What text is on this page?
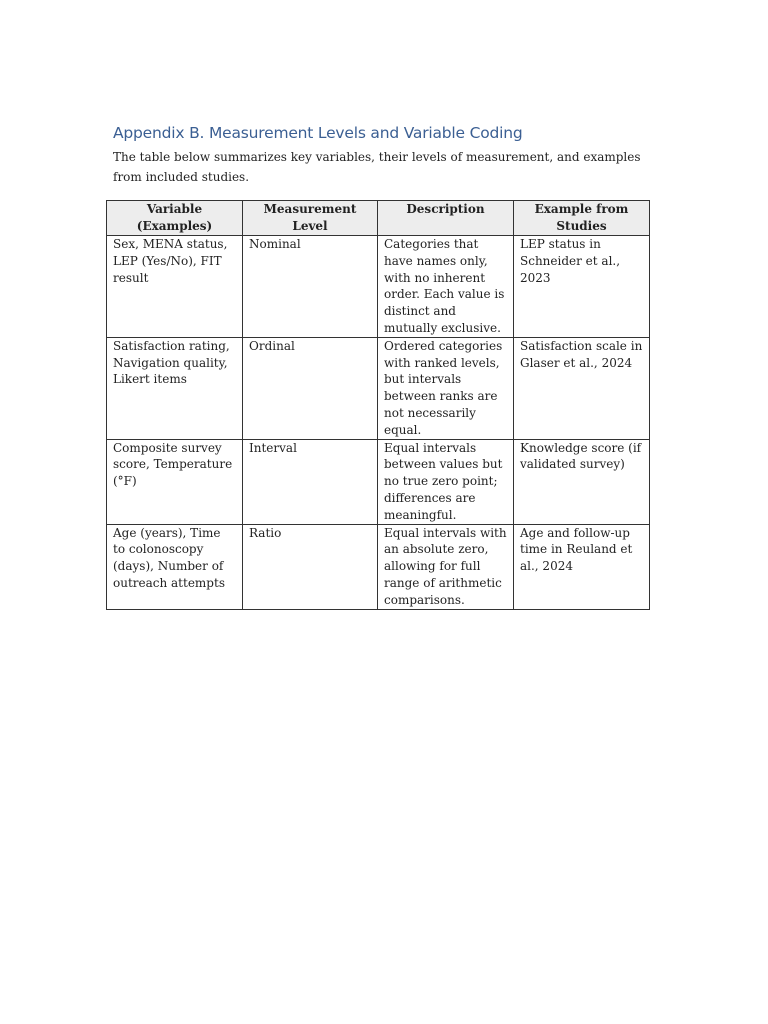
Appendix B. Measurement Levels and Variable Coding
The table below summarizes key variables, their levels of measurement, and examples from included studies.
Variable (Examples)	Measurement Level	Description	Example from Studies
Sex, MENA status, LEP (Yes/No), FIT result	Nominal	Categories that have names only, with no inherent order. Each value is distinct and mutually exclusive.	LEP status in Schneider et al., 2023
Satisfaction rating, Navigation quality, Likert items	Ordinal	Ordered categories with ranked levels, but intervals between ranks are not necessarily equal.	Satisfaction scale in Glaser et al., 2024
Composite survey score, Temperature (°F)	Interval	Equal intervals between values but no true zero point; differences are meaningful.	Knowledge score (if validated survey)
Age (years), Time to colonoscopy (days), Number of outreach attempts	Ratio	Equal intervals with an absolute zero, allowing for full range of arithmetic comparisons.	Age and follow-up time in Reuland et al., 2024
